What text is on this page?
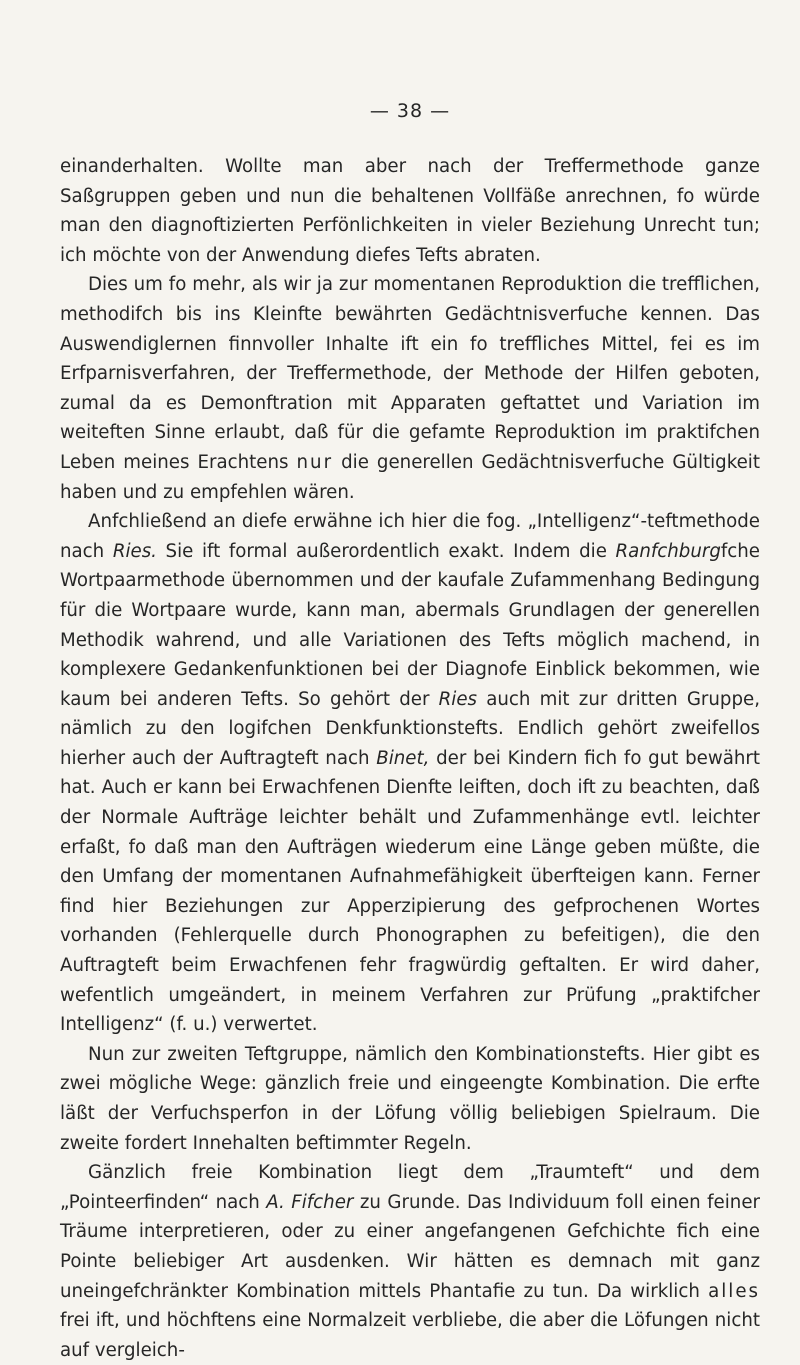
— 38 —

einanderhalten. Wollte man aber nach der Treffermethode ganze Saßgruppen geben und nun die behaltenen Vollfäße anrechnen, fo würde man den diagnoftizierten Perfönlichkeiten in vieler Beziehung Unrecht tun; ich möchte von der Anwendung diefes Tefts abraten.

Dies um fo mehr, als wir ja zur momentanen Reproduktion die trefflichen, methodifch bis ins Kleinfte bewährten Gedächtnisverfuche kennen. Das Auswendiglernen finnvoller Inhalte ift ein fo treffliches Mittel, fei es im Erfparnisverfahren, der Treffermethode, der Methode der Hilfen geboten, zumal da es Demonftration mit Apparaten geftattet und Variation im weiteften Sinne erlaubt, daß für die gefamte Reproduktion im praktifchen Leben meines Erachtens nur die generellen Gedächtnisverfuche Gültigkeit haben und zu empfehlen wären.

Anfchließend an diefe erwähne ich hier die fog. „Intelligenz“-teftmethode nach Ries. Sie ift formal außerordentlich exakt. Indem die Ranfchburgfche Wortpaarmethode übernommen und der kaufale Zufammenhang Bedingung für die Wortpaare wurde, kann man, abermals Grundlagen der generellen Methodik wahrend, und alle Variationen des Tefts möglich machend, in komplexere Gedankenfunktionen bei der Diagnofe Einblick bekommen, wie kaum bei anderen Tefts. So gehört der Ries auch mit zur dritten Gruppe, nämlich zu den logifchen Denkfunktionstefts. Endlich gehört zweifellos hierher auch der Auftragteft nach Binet, der bei Kindern fich fo gut bewährt hat. Auch er kann bei Erwachfenen Dienfte leiften, doch ift zu beachten, daß der Normale Aufträge leichter behält und Zufammenhänge evtl. leichter erfaßt, fo daß man den Aufträgen wiederum eine Länge geben müßte, die den Umfang der momentanen Aufnahmefähigkeit überfteigen kann. Ferner find hier Beziehungen zur Apperzipierung des gefprochenen Wortes vorhanden (Fehlerquelle durch Phonographen zu befeitigen), die den Auftragteft beim Erwachfenen fehr fragwürdig geftalten. Er wird daher, wefentlich umgeändert, in meinem Verfahren zur Prüfung „praktifcher Intelligenz“ (f. u.) verwertet.

Nun zur zweiten Teftgruppe, nämlich den Kombinationstefts. Hier gibt es zwei mögliche Wege: gänzlich freie und eingeengte Kombination. Die erfte läßt der Verfuchsperfon in der Löfung völlig beliebigen Spielraum. Die zweite fordert Innehalten beftimmter Regeln.

Gänzlich freie Kombination liegt dem „Traumteft“ und dem „Pointeerfinden“ nach A. Fifcher zu Grunde. Das Individuum foll einen feiner Träume interpretieren, oder zu einer angefangenen Gefchichte fich eine Pointe beliebiger Art ausdenken. Wir hätten es demnach mit ganz uneingefchränkter Kombination mittels Phantafie zu tun. Da wirklich alles frei ift, und höchftens eine Normalzeit verbliebe, die aber die Löfungen nicht auf vergleich-
